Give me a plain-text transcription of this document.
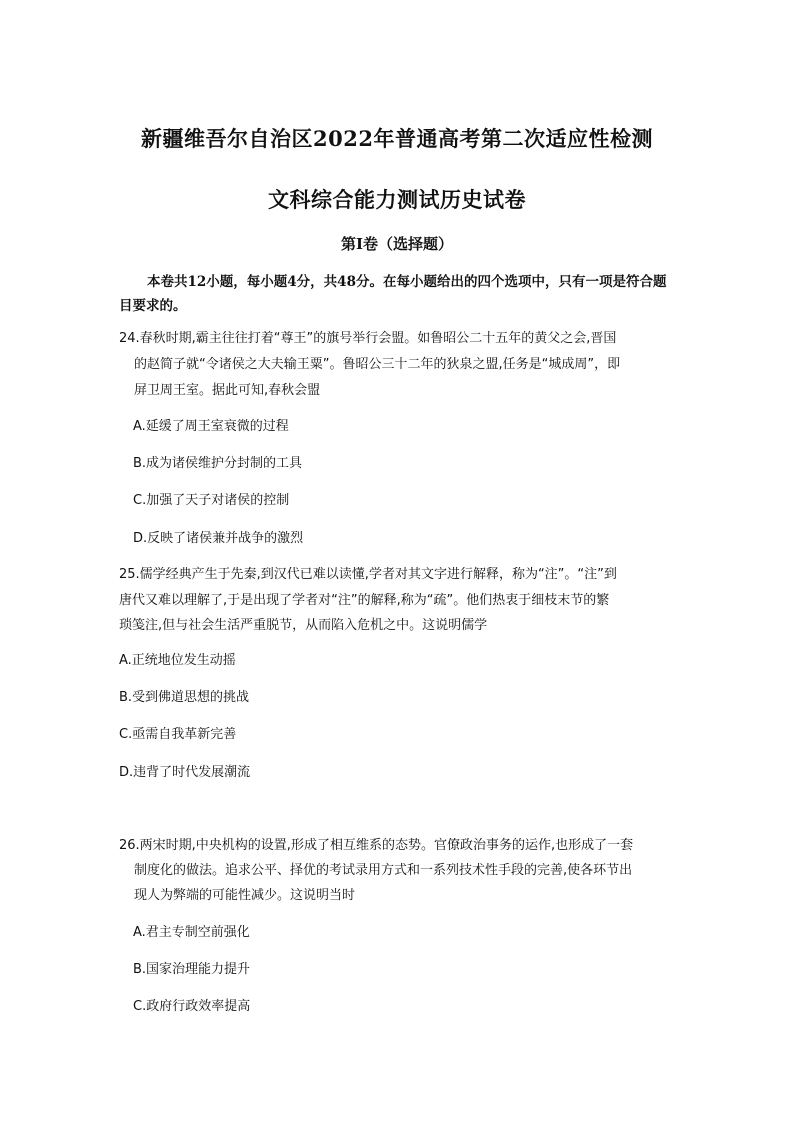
新疆维吾尔自治区2022年普通高考第二次适应性检测
文科综合能力测试历史试卷
第Ⅰ卷（选择题）

本卷共12小题，每小题4分，共48分。在每小题给出的四个选项中，只有一项是符合题目要求的。

24.春秋时期,霸主往往打着“尊王”的旗号举行会盟。如鲁昭公二十五年的黄父之会,晋国
的赵简子就“令诸侯之大夫输王粟”。鲁昭公三十二年的狄泉之盟,任务是“城成周”，即
屏卫周王室。据此可知,春秋会盟
A.延缓了周王室衰微的过程
B.成为诸侯维护分封制的工具
C.加强了天子对诸侯的控制
D.反映了诸侯兼并战争的激烈
25.儒学经典产生于先秦,到汉代已难以读懂,学者对其文字进行解释，称为“注”。“注”到
唐代又难以理解了,于是出现了学者对“注”的解释,称为“疏”。他们热衷于细枝末节的繁
琐笺注,但与社会生活严重脱节，从而陷入危机之中。这说明儒学
A.正统地位发生动摇
B.受到佛道思想的挑战
C.亟需自我革新完善
D.违背了时代发展潮流
26.两宋时期,中央机构的设置,形成了相互维系的态势。官僚政治事务的运作,也形成了一套
制度化的做法。追求公平、择优的考试录用方式和一系列技术性手段的完善,使各环节出
现人为弊端的可能性减少。这说明当时
A.君主专制空前强化
B.国家治理能力提升
C.政府行政效率提高
